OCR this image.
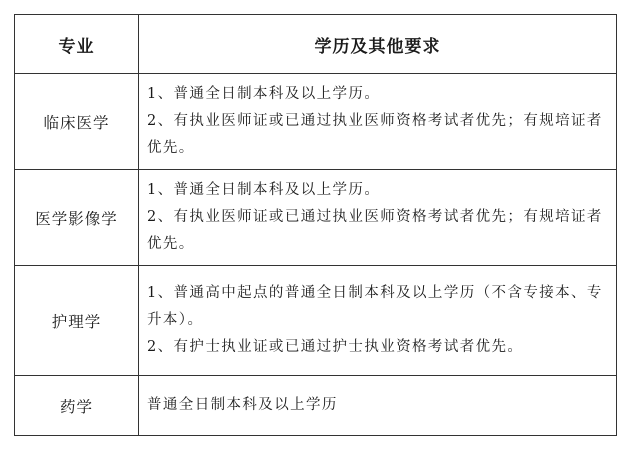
专业	学历及其他要求
临床医学	1、普通全日制本科及以上学历。
2、有执业医师证或已通过执业医师资格考试者优先；有规培证者优先。

医学影像学	1、普通全日制本科及以上学历。
2、有执业医师证或已通过执业医师资格考试者优先；有规培证者优先。

护理学	1、普通高中起点的普通全日制本科及以上学历（不含专接本、专升本）。
2、有护士执业证或已通过护士执业资格考试者优先。

药学	普通全日制本科及以上学历
